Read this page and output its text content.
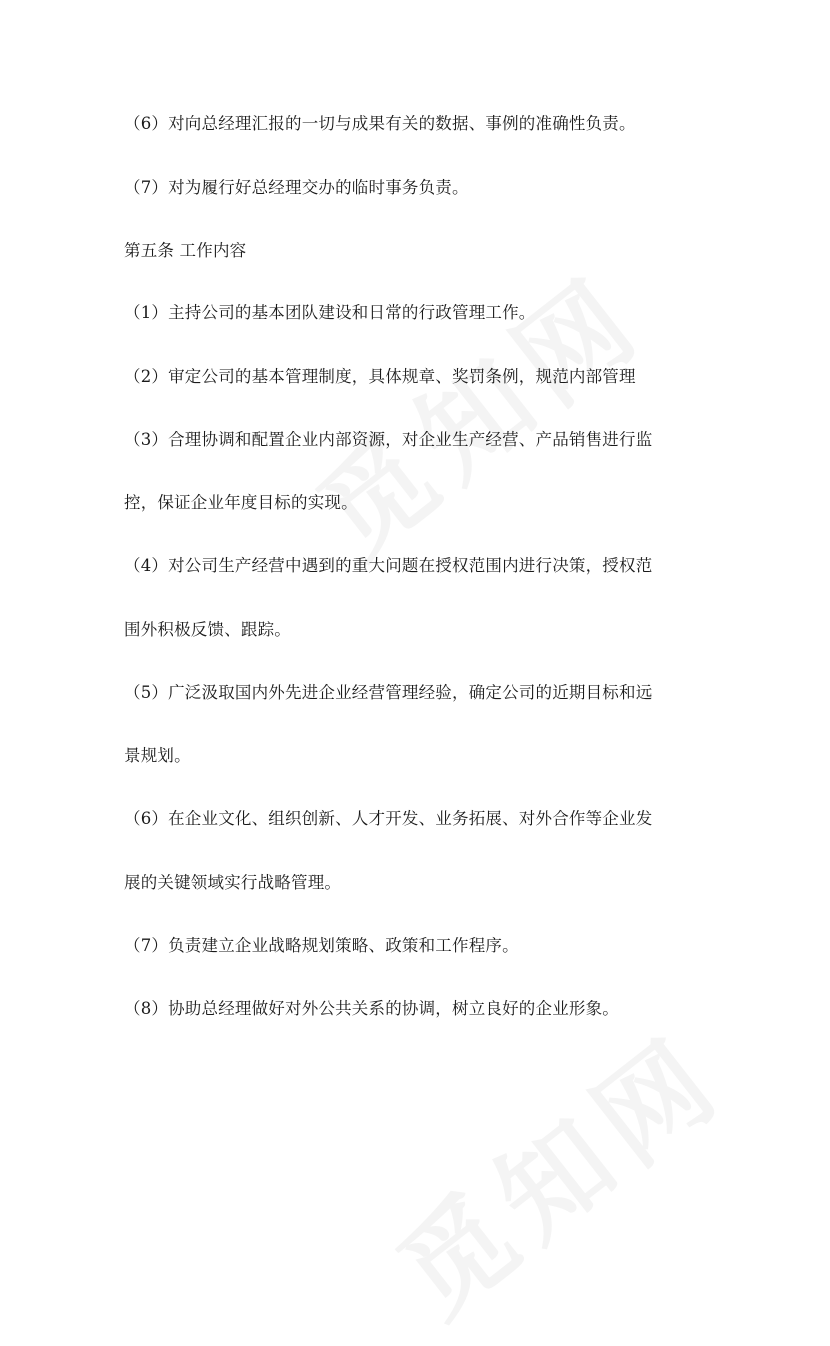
（6）对向总经理汇报的一切与成果有关的数据、事例的准确性负责。
（7）对为履行好总经理交办的临时事务负责。
第五条 工作内容
（1）主持公司的基本团队建设和日常的行政管理工作。
（2）审定公司的基本管理制度，具体规章、奖罚条例，规范内部管理
（3）合理协调和配置企业内部资源，对企业生产经营、产品销售进行监
控，保证企业年度目标的实现。
（4）对公司生产经营中遇到的重大问题在授权范围内进行决策，授权范
围外积极反馈、跟踪。
（5）广泛汲取国内外先进企业经营管理经验，确定公司的近期目标和远
景规划。
（6）在企业文化、组织创新、人才开发、业务拓展、对外合作等企业发
展的关键领域实行战略管理。
（7）负责建立企业战略规划策略、政策和工作程序。
（8）协助总经理做好对外公共关系的协调，树立良好的企业形象。
